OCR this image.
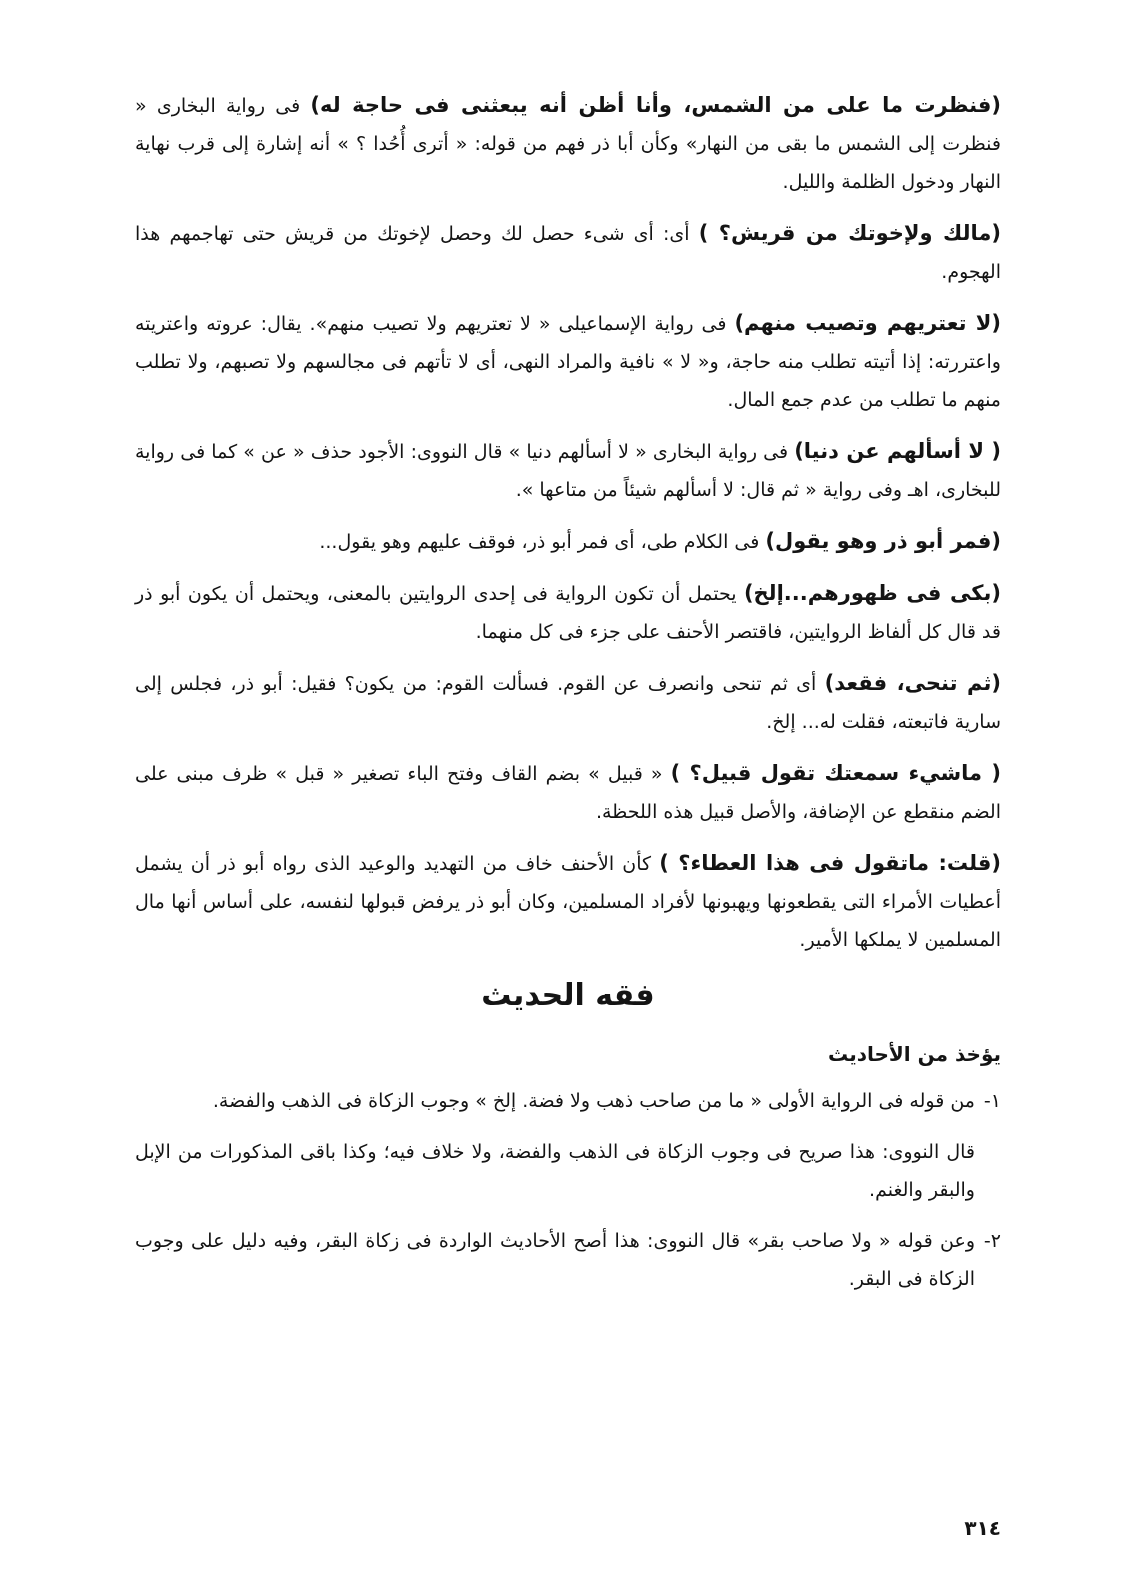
(فنظرت ما على من الشمس، وأنا أظن أنه يبعثنى فى حاجة له) فى رواية البخارى « فنظرت إلى الشمس ما بقى من النهار» وكأن أبا ذر فهم من قوله: « أترى أُحُدا ؟ » أنه إشارة إلى قرب نهاية النهار ودخول الظلمة والليل.

(مالك ولإخوتك من قريش؟ ) أى: أى شىء حصل لك وحصل لإخوتك من قريش حتى تهاجمهم هذا الهجوم.

(لا تعتريهم وتصيب منهم) فى رواية الإسماعيلى « لا تعتريهم ولا تصيب منهم». يقال: عروته واعتريته واعتررته: إذا أتيته تطلب منه حاجة، و« لا » نافية والمراد النهى، أى لا تأتهم فى مجالسهم ولا تصبهم، ولا تطلب منهم ما تطلب من عدم جمع المال.

( لا أسألهم عن دنيا) فى رواية البخارى « لا أسألهم دنيا » قال النووى: الأجود حذف « عن » كما فى رواية للبخارى، اهـ وفى رواية « ثم قال: لا أسألهم شيئاً من متاعها ».

(فمر أبو ذر وهو يقول) فى الكلام طى، أى فمر أبو ذر، فوقف عليهم وهو يقول...

(بكى فى ظهورهم...إلخ) يحتمل أن تكون الرواية فى إحدى الروايتين بالمعنى، ويحتمل أن يكون أبو ذر قد قال كل ألفاظ الروايتين، فاقتصر الأحنف على جزء فى كل منهما.

(ثم تنحى، فقعد) أى ثم تنحى وانصرف عن القوم. فسألت القوم: من يكون؟ فقيل: أبو ذر، فجلس إلى سارية فاتبعته، فقلت له... إلخ.

( ماشيء سمعتك تقول قبيل؟ ) « قبيل » بضم القاف وفتح الباء تصغير « قبل » ظرف مبنى على الضم منقطع عن الإضافة، والأصل قبيل هذه اللحظة.

(قلت: ماتقول فى هذا العطاء؟ ) كأن الأحنف خاف من التهديد والوعيد الذى رواه أبو ذر أن يشمل أعطيات الأمراء التى يقطعونها ويهبونها لأفراد المسلمين، وكان أبو ذر يرفض قبولها لنفسه، على أساس أنها مال المسلمين لا يملكها الأمير.

فقه الحديث
يؤخذ من الأحاديث
١-
من قوله فى الرواية الأولى « ما من صاحب ذهب ولا فضة. إلخ » وجوب الزكاة فى الذهب والفضة.

قال النووى: هذا صريح فى وجوب الزكاة فى الذهب والفضة، ولا خلاف فيه؛ وكذا باقى المذكورات من الإبل والبقر والغنم.

٢-
وعن قوله « ولا صاحب بقر» قال النووى: هذا أصح الأحاديث الواردة فى زكاة البقر، وفيه دليل على وجوب الزكاة فى البقر.
٣١٤
